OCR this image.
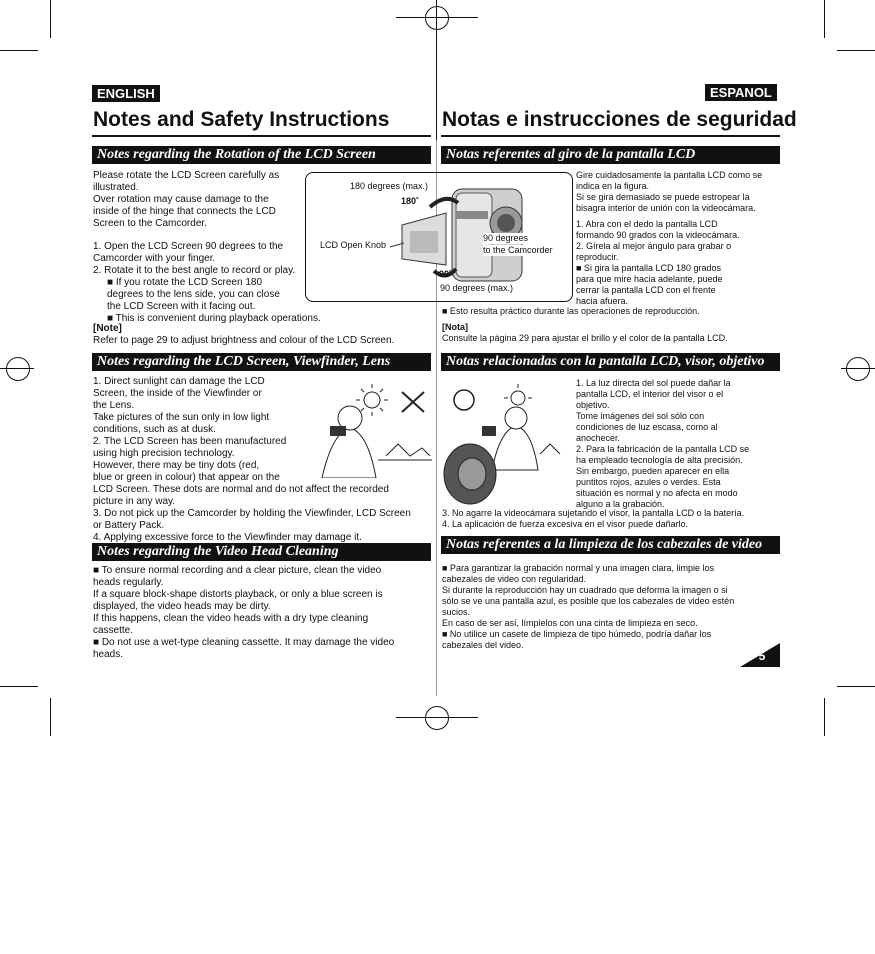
ENGLISH	ESPANOL
Notes and Safety Instructions	Notas e instrucciones de seguridad
Notes regarding the Rotation of the LCD Screen
Please rotate the LCD Screen carefully as
illustrated.
Over rotation may cause damage to the
inside of the hinge that connects the LCD
Screen to the Camcorder.
1. Open the LCD Screen 90 degrees to the
Camcorder with your finger.
2. Rotate it to the best angle to record or play.
■ If you rotate the LCD Screen 180
degrees to the lens side, you can close
the LCD Screen with it facing out.
■ This is convenient during playback operations.
[Note]
Refer to page 29 to adjust brightness and colour of the LCD Screen.
180 degrees (max.)
180˚
LCD Open Knob
90 degrees
to the Camcorder
90˚
90 degrees (max.)
Notes regarding the LCD Screen, Viewfinder, Lens
1. Direct sunlight can damage the LCD
Screen, the inside of the Viewfinder or
the Lens.
Take pictures of the sun only in low light
conditions, such as at dusk.
2. The LCD Screen has been manufactured
using high precision technology.
However, there may be tiny dots (red,
blue or green in colour) that appear on the
LCD Screen. These dots are normal and do not affect the recorded
picture in any way.
3. Do not pick up the Camcorder by holding the Viewfinder, LCD Screen
or Battery Pack.
4. Applying excessive force to the Viewfinder may damage it.
Notes regarding the Video Head Cleaning
■ To ensure normal recording and a clear picture, clean the video
heads regularly.
If a square block-shape distorts playback, or only a blue screen is
displayed, the video heads may be dirty.
If this happens, clean the video heads with a dry type cleaning
cassette.
■ Do not use a wet-type cleaning cassette. It may damage the video
heads.
Notas referentes al giro de la pantalla LCD
Gire cuidadosamente la pantalla LCD como se
indica en la figura.
Si se gira demasiado se puede estropear la
bisagra interior de unión con la videocámara.
1. Abra con el dedo la pantalla LCD
formando 90 grados con la videocámara.
2. Gírela al mejor ángulo para grabar o
reproducir.
■ Si gira la pantalla LCD 180 grados
para que mire hacia adelante, puede
cerrar la pantalla LCD con el frente
hacia afuera.
■ Esto resulta práctico durante las operaciones de reproducción.
[Nota]
Consulte la página 29 para ajustar el brillo y el color de la pantalla LCD.
Notas relacionadas con la pantalla LCD, visor, objetivo
1. La luz directa del sol puede dañar la
pantalla LCD, el interior del visor o el
objetivo.
Tome imágenes del sol sólo con
condiciones de luz escasa, como al
anochecer.
2. Para la fabricación de la pantalla LCD se
ha empleado tecnología de alta precisión.
Sin embargo, pueden aparecer en ella
puntitos rojos, azules o verdes. Esta
situación es normal y no afecta en modo
alguno a la grabación.
3. No agarre la videocámara sujetando el visor, la pantalla LCD o la batería.
4. La aplicación de fuerza excesiva en el visor puede dañarlo.
Notas referentes a la limpieza de los cabezales de video
■ Para garantizar la grabación normal y una imagen clara, limpie los
cabezales de video con regularidad.
Si durante la reproducción hay un cuadrado que deforma la imagen o si
sólo se ve una pantalla azul, es posible que los cabezales de video estén
sucios.
En caso de ser así, límpielos con una cinta de limpieza en seco.
■ No utilice un casete de limpieza de tipo húmedo, podría dañar los
cabezales del video.
5
